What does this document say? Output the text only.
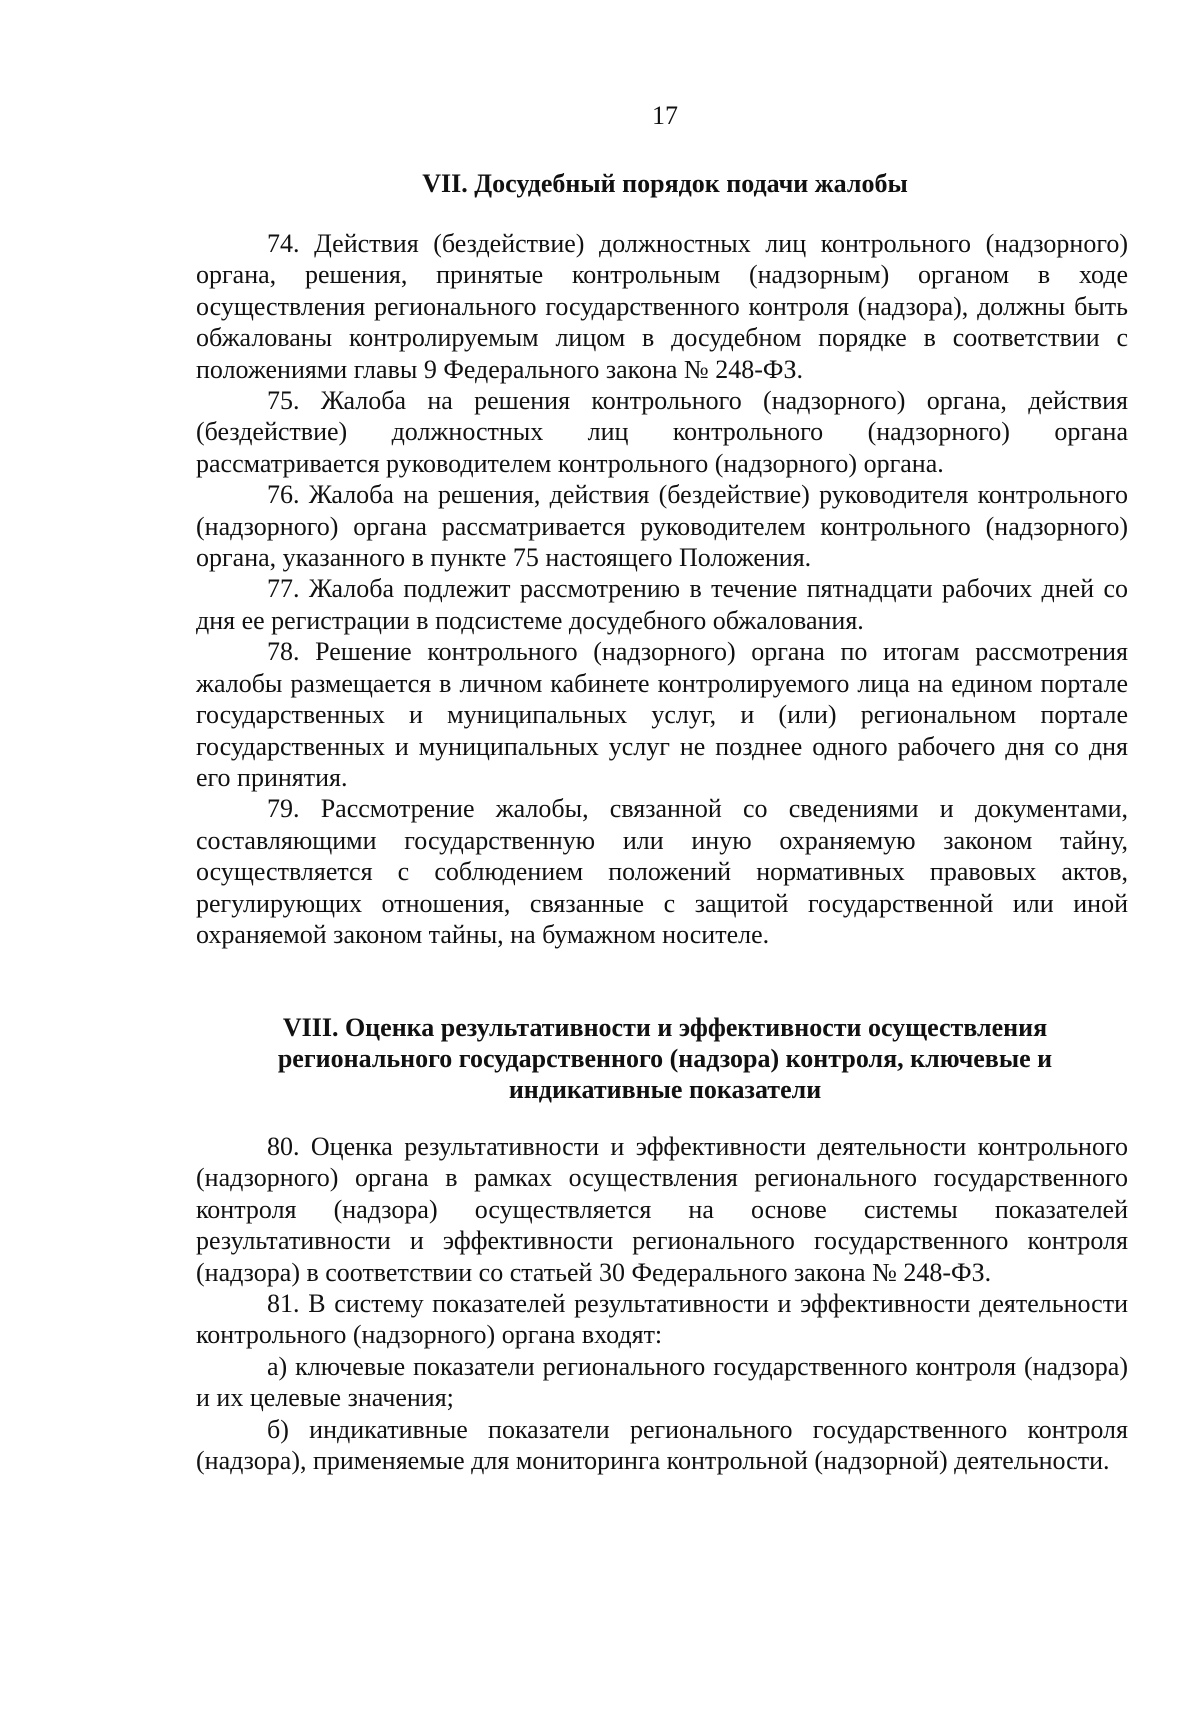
17
VII. Досудебный порядок подачи жалобы

74. Действия (бездействие) должностных лиц контрольного (надзорного) органа, решения, принятые контрольным (надзорным) органом в ходе осуществления регионального государственного контроля (надзора), должны быть обжалованы контролируемым лицом в досудебном порядке в соответствии с положениями главы 9 Федерального закона № 248-ФЗ.

75. Жалоба на решения контрольного (надзорного) органа, действия (бездействие) должностных лиц контрольного (надзорного) органа рассматривается руководителем контрольного (надзорного) органа.

76. Жалоба на решения, действия (бездействие) руководителя контрольного (надзорного) органа рассматривается руководителем контрольного (надзорного) органа, указанного в пункте 75 настоящего Положения.

77. Жалоба подлежит рассмотрению в течение пятнадцати рабочих дней со дня ее регистрации в подсистеме досудебного обжалования.

78. Решение контрольного (надзорного) органа по итогам рассмотрения жалобы размещается в личном кабинете контролируемого лица на едином портале государственных и муниципальных услуг, и (или) региональном портале государственных и муниципальных услуг не позднее одного рабочего дня со дня его принятия.

79. Рассмотрение жалобы, связанной со сведениями и документами, составляющими государственную или иную охраняемую законом тайну, осуществляется с соблюдением положений нормативных правовых актов, регулирующих отношения, связанные с защитой государственной или иной охраняемой законом тайны, на бумажном носителе.

VIII. Оценка результативности и эффективности осуществления
регионального государственного (надзора) контроля, ключевые и
индикативные показатели

80. Оценка результативности и эффективности деятельности контрольного (надзорного) органа в рамках осуществления регионального государственного контроля (надзора) осуществляется на основе системы показателей результативности и эффективности регионального государственного контроля (надзора) в соответствии со статьей 30 Федерального закона № 248-ФЗ.

81. В систему показателей результативности и эффективности деятельности контрольного (надзорного) органа входят:

а) ключевые показатели регионального государственного контроля (надзора) и их целевые значения;

б) индикативные показатели регионального государственного контроля (надзора), применяемые для мониторинга контрольной (надзорной) деятельности.
